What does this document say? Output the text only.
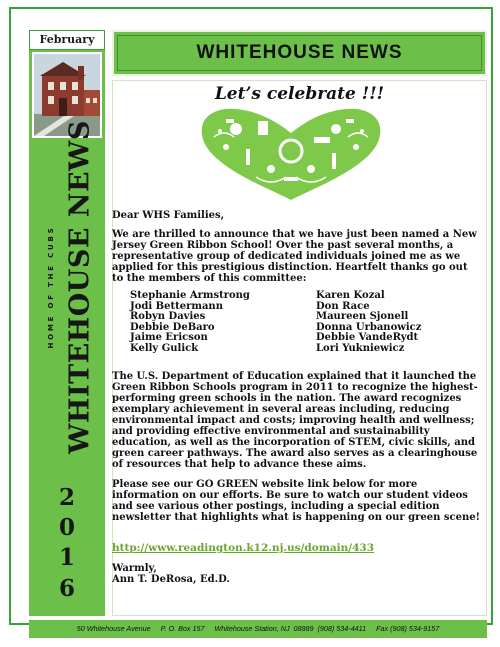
February
HOME OF THE CUBS WHITEHOUSE NEWS
2
0
1
6
WHITEHOUSE NEWS
Let’s celebrate !!!
Dear WHS Families,
We are thrilled to announce that we have just been named a New Jersey Green Ribbon School! Over the past several months, a representative group of dedicated individuals joined me as we applied for this prestigious distinction. Heartfelt thanks go out to the members of this committee:
Stephanie Armstrong
Jodi Bettermann
Robyn Davies
Debbie DeBaro
Jaime Ericson
Kelly Gulick
Karen Kozal
Don Race
Maureen Sjonell
Donna Urbanowicz
Debbie VandeRydt
Lori Yukniewicz
The U.S. Department of Education explained that it launched the Green Ribbon Schools program in 2011 to recognize the highest-performing green schools in the nation. The award recognizes exemplary achievement in several areas including, reducing environmental impact and costs; improving health and wellness; and providing effective environmental and sustainability education, as well as the incorporation of STEM, civic skills, and green career pathways. The award also serves as a clearinghouse of resources that help to advance these aims.
Please see our GO GREEN website link below for more information on our efforts. Be sure to watch our student videos and see various other postings, including a special edition newsletter that highlights what is happening on our green scene!
http://www.readington.k12.nj.us/domain/433
Warmly,
Ann T. DeRosa, Ed.D.
50 Whitehouse Avenue     P. O. Box 157     Whitehouse Station, NJ  08889  (908) 534-4411     Fax (908) 534-9157
